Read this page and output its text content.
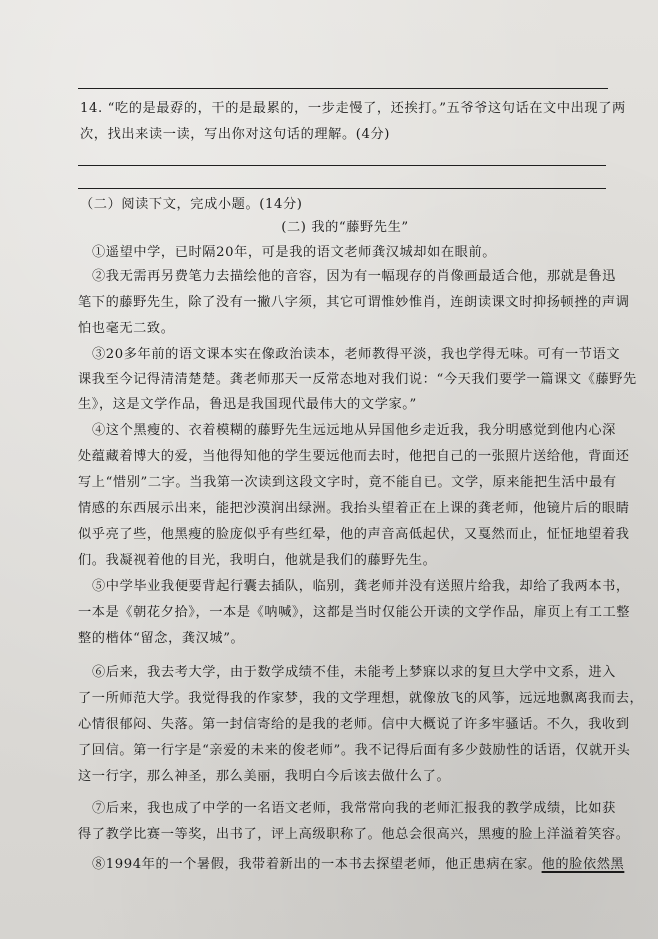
14. “吃的是最孬的，干的是最累的，一步走慢了，还挨打。”五爷爷这句话在文中出现了两
次，找出来读一读，写出你对这句话的理解。(4分)
（二）阅读下文，完成小题。(14分)
(二) 我的“藤野先生”
①遥望中学，已时隔20年，可是我的语文老师龚汉城却如在眼前。
②我无需再另费笔力去描绘他的音容，因为有一幅现存的肖像画最适合他，那就是鲁迅
笔下的藤野先生，除了没有一撇八字须，其它可谓惟妙惟肖，连朗读课文时抑扬顿挫的声调
怕也毫无二致。
③20多年前的语文课本实在像政治读本，老师教得平淡，我也学得无味。可有一节语文
课我至今记得清清楚楚。龚老师那天一反常态地对我们说：“今天我们要学一篇课文《藤野先
生》，这是文学作品，鲁迅是我国现代最伟大的文学家。”
④这个黑瘦的、衣着模糊的藤野先生远远地从异国他乡走近我，我分明感觉到他内心深
处蕴藏着博大的爱，当他得知他的学生要远他而去时，他把自己的一张照片送给他，背面还
写上“惜别”二字。当我第一次读到这段文字时，竟不能自已。文学，原来能把生活中最有
情感的东西展示出来，能把沙漠润出绿洲。我抬头望着正在上课的龚老师，他镜片后的眼睛
似乎亮了些，他黑瘦的脸庞似乎有些红晕，他的声音高低起伏，又戛然而止，怔怔地望着我
们。我凝视着他的目光，我明白，他就是我们的藤野先生。
⑤中学毕业我便要背起行囊去插队，临别，龚老师并没有送照片给我，却给了我两本书，
一本是《朝花夕拾》，一本是《呐喊》，这都是当时仅能公开读的文学作品，扉页上有工工整
整的楷体“留念，龚汉城”。
⑥后来，我去考大学，由于数学成绩不佳，未能考上梦寐以求的复旦大学中文系，进入
了一所师范大学。我觉得我的作家梦，我的文学理想，就像放飞的风筝，远远地飘离我而去，
心情很郁闷、失落。第一封信寄给的是我的老师。信中大概说了许多牢骚话。不久，我收到
了回信。第一行字是“亲爱的未来的俊老师”。我不记得后面有多少鼓励性的话语，仅就开头
这一行字，那么神圣，那么美丽，我明白今后该去做什么了。
⑦后来，我也成了中学的一名语文老师，我常常向我的老师汇报我的教学成绩，比如获
得了教学比赛一等奖，出书了，评上高级职称了。他总会很高兴，黑瘦的脸上洋溢着笑容。
⑧1994年的一个暑假，我带着新出的一本书去探望老师，他正患病在家。他的脸依然黑
